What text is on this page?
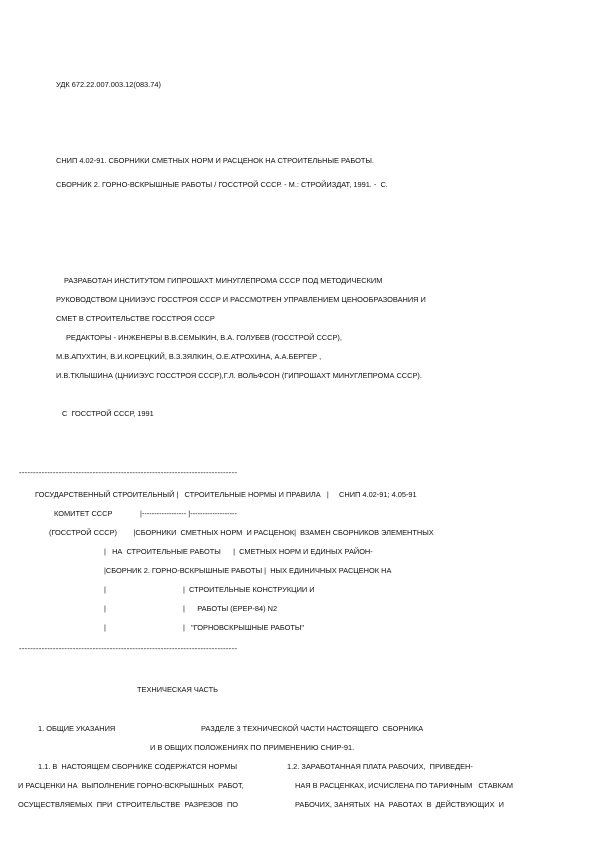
УДК 672.22.007.003.12(083.74)
СНИП 4.02-91. СБОРНИКИ СМЕТНЫХ НОРМ И РАСЦЕНОК НА СТРОИТЕЛЬНЫЕ РАБОТЫ.
СБОРНИК 2. ГОРНО-ВСКРЫШНЫЕ РАБОТЫ / ГОССТРОЙ СССР. - М.: СТРОЙИЗДАТ, 1991. -  С.
РАЗРАБОТАН ИНСТИТУТОМ ГИПРОШАХТ МИНУГЛЕПРОМА СССР ПОД МЕТОДИЧЕСКИМ
РУКОВОДСТВОМ ЦНИИЭУС ГОССТРОЯ СССР И РАССМОТРЕН УПРАВЛЕНИЕМ ЦЕНООБРАЗОВАНИЯ И
СМЕТ В СТРОИТЕЛЬСТВЕ ГОССТРОЯ СССР
РЕДАКТОРЫ - ИНЖЕНЕРЫ В.В.СЕМЫКИН, В.А. ГОЛУБЕВ (ГОССТРОЙ СССР),
М.В.АПУХТИН, В.И.КОРЕЦКИЙ, В.З.ЗЯЛКИН, О.Е.АТРОХИНА, А.А.БЕРГЕР ,
И.В.ТКЛЫШИНА (ЦНИИЭУС ГОССТРОЯ СССР),Г.Л. ВОЛЬФСОН (ГИПРОШАХТ МИНУГЛЕПРОМА СССР).
С  ГОССТРОЙ СССР, 1991
-----------------------------------------------------------------------------
ГОСУДАРСТВЕННЫЙ СТРОИТЕЛЬНЫЙ |   СТРОИТЕЛЬНЫЕ НОРМЫ И ПРАВИЛА   |     СНИП 4.02-91; 4.05-91
КОМИТЕТ СССР	|------------------ |-------------------
(ГОССТРОЙ СССР)        |СБОРНИКИ  СМЕТНЫХ НОРМ  И РАСЦЕНОК|  ВЗАМЕН СБОРНИКОВ ЭЛЕМЕНТНЫХ
|   НА  СТРОИТЕЛЬНЫЕ РАБОТЫ      |  СМЕТНЫХ НОРМ И ЕДИНЫХ РАЙОН-
|СБОРНИК 2. ГОРНО-ВСКРЫШНЫЕ РАБОТЫ |  НЫХ ЕДИНИЧНЫХ РАСЦЕНОК НА
|	|  СТРОИТЕЛЬНЫЕ КОНСТРУКЦИИ И
|	|      РАБОТЫ (ЕРЕР-84) N2
|	|   "ГОРНОВСКРЫШНЫЕ РАБОТЫ"
-----------------------------------------------------------------------------
ТЕХНИЧЕСКАЯ ЧАСТЬ
1. ОБЩИЕ УКАЗАНИЯ	РАЗДЕЛЕ 3 ТЕХНИЧЕСКОЙ ЧАСТИ НАСТОЯЩЕГО  СБОРНИКА
И В ОБЩИХ ПОЛОЖЕНИЯХ ПО ПРИМЕНЕНИЮ СНИР-91.
1.1. В  НАСТОЯЩЕМ СБОРНИКЕ СОДЕРЖАТСЯ НОРМЫ	1.2. ЗАРАБОТАННАЯ ПЛАТА РАБОЧИХ,  ПРИВЕДЕН-
И РАСЦЕНКИ НА  ВЫПОЛНЕНИЕ ГОРНО-ВСКРЫШНЫХ  РАБОТ,	НАЯ В РАСЦЕНКАХ, ИСЧИСЛЕНА ПО ТАРИФНЫМ   СТАВКАМ
ОСУЩЕСТВЛЯЕМЫХ  ПРИ  СТРОИТЕЛЬСТВЕ  РАЗРЕЗОВ  ПО	РАБОЧИХ, ЗАНЯТЫХ  НА  РАБОТАХ  В  ДЕЙСТВУЮЩИХ  И
